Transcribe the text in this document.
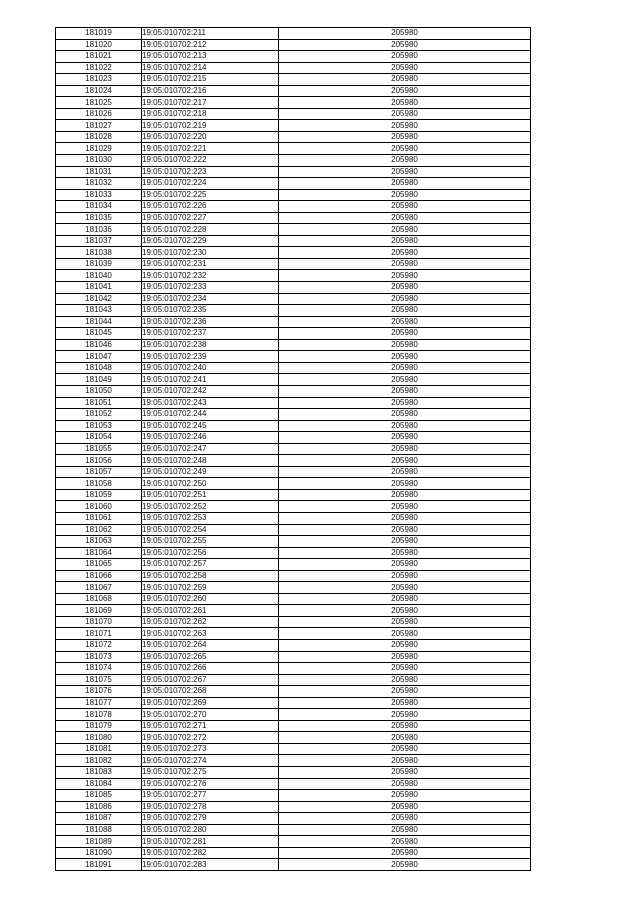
181019	19:05:010702:211	205980
181020	19:05:010702:212	205980
181021	19:05:010702:213	205980
181022	19:05:010702:214	205980
181023	19:05:010702:215	205980
181024	19:05:010702:216	205980
181025	19:05:010702:217	205980
181026	19:05:010702:218	205980
181027	19:05:010702:219	205980
181028	19:05:010702:220	205980
181029	19:05:010702:221	205980
181030	19:05:010702:222	205980
181031	19:05:010702:223	205980
181032	19:05:010702:224	205980
181033	19:05:010702:225	205980
181034	19:05:010702:226	205980
181035	19:05:010702:227	205980
181036	19:05:010702:228	205980
181037	19:05:010702:229	205980
181038	19:05:010702:230	205980
181039	19:05:010702:231	205980
181040	19:05:010702:232	205980
181041	19:05:010702:233	205980
181042	19:05:010702:234	205980
181043	19:05:010702:235	205980
181044	19:05:010702:236	205980
181045	19:05:010702:237	205980
181046	19:05:010702:238	205980
181047	19:05:010702:239	205980
181048	19:05:010702:240	205980
181049	19:05:010702:241	205980
181050	19:05:010702:242	205980
181051	19:05:010702:243	205980
181052	19:05:010702:244	205980
181053	19:05:010702:245	205980
181054	19:05:010702:246	205980
181055	19:05:010702:247	205980
181056	19:05:010702:248	205980
181057	19:05:010702:249	205980
181058	19:05:010702:250	205980
181059	19:05:010702:251	205980
181060	19:05:010702:252	205980
181061	19:05:010702:253	205980
181062	19:05:010702:254	205980
181063	19:05:010702:255	205980
181064	19:05:010702:256	205980
181065	19:05:010702:257	205980
181066	19:05:010702:258	205980
181067	19:05:010702:259	205980
181068	19:05:010702:260	205980
181069	19:05:010702:261	205980
181070	19:05:010702:262	205980
181071	19:05:010702:263	205980
181072	19:05:010702:264	205980
181073	19:05:010702:265	205980
181074	19:05:010702:266	205980
181075	19:05:010702:267	205980
181076	19:05:010702:268	205980
181077	19:05:010702:269	205980
181078	19:05:010702:270	205980
181079	19:05:010702:271	205980
181080	19:05:010702:272	205980
181081	19:05:010702:273	205980
181082	19:05:010702:274	205980
181083	19:05:010702:275	205980
181084	19:05:010702:276	205980
181085	19:05:010702:277	205980
181086	19:05:010702:278	205980
181087	19:05:010702:279	205980
181088	19:05:010702:280	205980
181089	19:05:010702:281	205980
181090	19:05:010702:282	205980
181091	19:05:010702:283	205980
